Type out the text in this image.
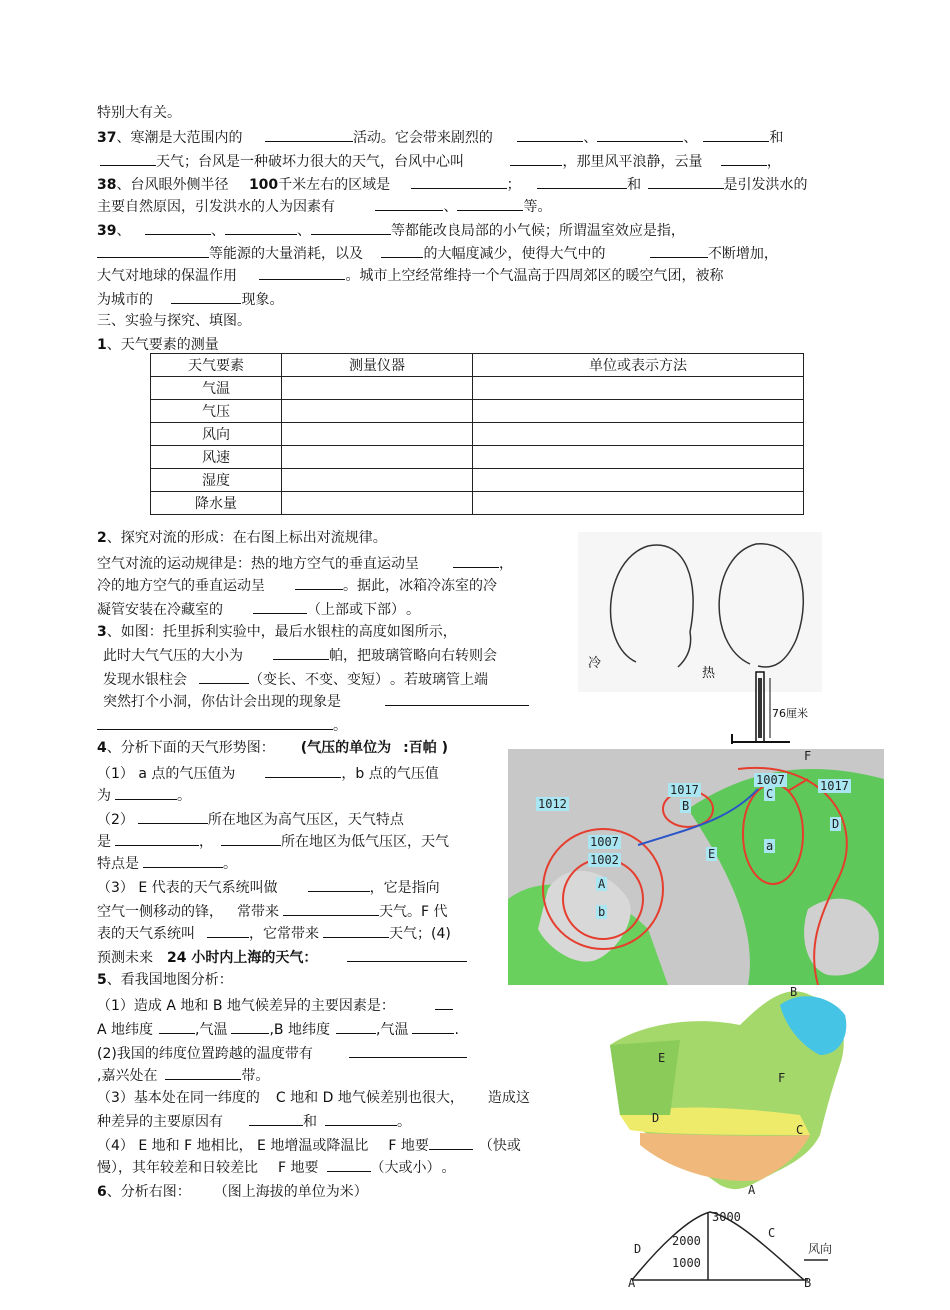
特别大有关。
37、寒潮是大范围内的	活动。它会带来剧烈的	、	、	和
天气；台风是一种破坏力很大的天气，台风中心叫	，那里风平浪静，云量	，
38、台风眼外侧半径 100千米左右的区域是	；	和	是引发洪水的
主要自然原因，引发洪水的人为因素有	、	等。
39、	、	、	等都能改良局部的小气候；所谓温室效应是指，
等能源的大量消耗，以及	的大幅度减少，使得大气中的	不断增加，
大气对地球的保温作用	。城市上空经常维持一个气温高于四周郊区的暖空气团，被称
为城市的	现象。
三、实验与探究、填图。
1、天气要素的测量
天气要素	测量仪器	单位或表示方法
气温		
气压		
风向		
风速		
湿度		
降水量		
2、探究对流的形成：在右图上标出对流规律。
空气对流的运动规律是：热的地方空气的垂直运动呈	，
冷的地方空气的垂直运动呈	。据此，冰箱冷冻室的冷
凝管安装在冷藏室的	（上部或下部） 。
3、如图：托里拆利实验中，最后水银柱的高度如图所示，
此时大气气压的大小为	帕，把玻璃管略向右转则会
发现水银柱会	（变长、不变、变短） 。若玻璃管上端
突然打个小洞，你估计会出现的现象是
。
4、分析下面的天气形势图： (气压的单位为 :百帕 )
（1） a 点的气压值为	，b 点的气压值
为	。
（2）	所在地区为高气压区，天气特点
是	，	所在地区为低气压区，天气
特点是	。
（3） E 代表的天气系统叫做	，它是指向
空气一侧移动的锋， 常带来	天气。F 代
表的天气系统叫	，它常带来	天气；(4)
预测未来 24 小时内上海的天气：
5、看我国地图分析：
（1）造成 A 地和 B 地气候差异的主要因素是：
A 地纬度	,气温	,B 地纬度	,气温	.
(2)我国的纬度位置跨越的温度带有
,嘉兴处在	带。
（3）基本处在同一纬度的 C 地和 D 地气候差别也很大， 造成这
种差异的主要原因有	和	。
（4） E 地和 F 地相比， E 地增温或降温比 F 地要	（快或
慢），其年较差和日较差比 F 地要	（大或小） 。
6、分析右图： （图上海拔的单位为米）
冷
热
76厘米
1017
B
1007
C
1017
F
1012
1007
1002
A
D
E
a
b
B
E
F
D
C
A
3000
2000
1000
C
D
A	B
风向
